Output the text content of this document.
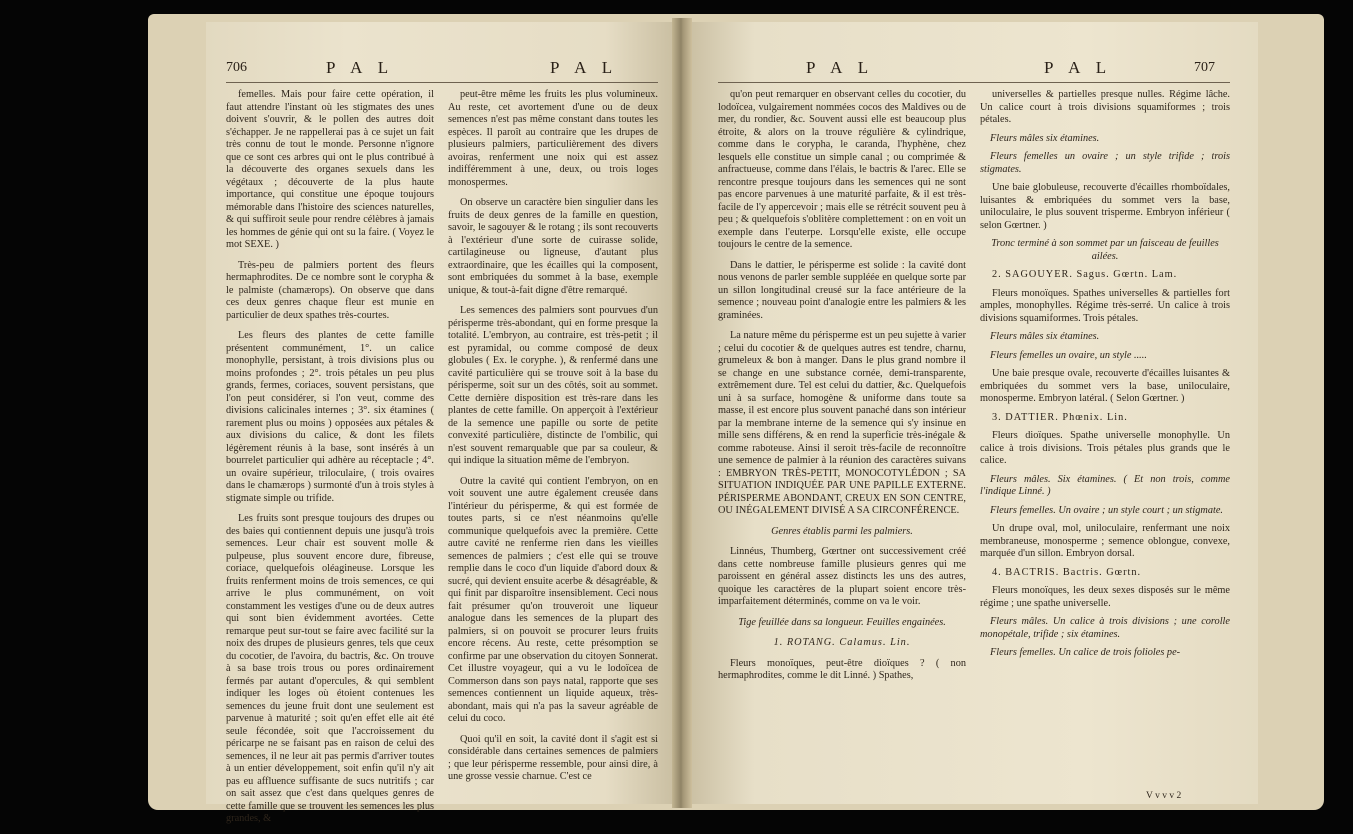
706	P A L	P A L	P A L	P A L	707

femelles. Mais pour faire cette opération, il faut attendre l'instant où les stigmates des unes doivent s'ouvrir, & le pollen des autres doit s'échapper. Je ne rappellerai pas à ce sujet un fait très connu de tout le monde. Personne n'ignore que ce sont ces arbres qui ont le plus contribué à la découverte des organes sexuels dans les végétaux ; découverte de la plus haute importance, qui constitue une époque toujours mémorable dans l'histoire des sciences naturelles, & qui suffiroit seule pour rendre célèbres à jamais les hommes de génie qui ont su la faire. ( Voyez le mot SEXE. )

Très-peu de palmiers portent des fleurs hermaphrodites. De ce nombre sont le corypha & le palmiste (chamærops). On observe que dans ces deux genres chaque fleur est munie en particulier de deux spathes très-courtes.

Les fleurs des plantes de cette famille présentent communément, 1°. un calice monophylle, persistant, à trois divisions plus ou moins profondes ; 2°. trois pétales un peu plus grands, fermes, coriaces, souvent persistans, que l'on peut considérer, si l'on veut, comme des divisions calicinales internes ; 3°. six étamines ( rarement plus ou moins ) opposées aux pétales & aux divisions du calice, & dont les filets légèrement réunis à la base, sont insérés à un bourrelet particulier qui adhère au réceptacle ; 4°. un ovaire supérieur, triloculaire, ( trois ovaires dans le chamærops ) surmonté d'un à trois styles à stigmate simple ou trifide.

Les fruits sont presque toujours des drupes ou des baies qui contiennent depuis une jusqu'à trois semences. Leur chair est souvent molle & pulpeuse, plus souvent encore dure, fibreuse, coriace, quelquefois oléagineuse. Lorsque les fruits renferment moins de trois semences, ce qui arrive le plus communément, on voit constamment les vestiges d'une ou de deux autres qui sont bien évidemment avortées. Cette remarque peut sur-tout se faire avec facilité sur la noix des drupes de plusieurs genres, tels que ceux du cocotier, de l'avoira, du bactris, &c. On trouve à sa base trois trous ou pores ordinairement fermés par autant d'opercules, & qui semblent indiquer les loges où étoient contenues les semences du jeune fruit dont une seulement est parvenue à maturité ; soit qu'en effet elle ait été seule fécondée, soit que l'accroissement du péricarpe ne se faisant pas en raison de celui des semences, il ne leur ait pas permis d'arriver toutes à un entier développement, soit enfin qu'il n'y ait pas eu affluence suffisante de sucs nutritifs ; car on sait assez que c'est dans quelques genres de cette famille que se trouvent les semences les plus grandes, &

peut-être même les fruits les plus volumineux. Au reste, cet avortement d'une ou de deux semences n'est pas même constant dans toutes les espèces. Il paroît au contraire que les drupes de plusieurs palmiers, particulièrement des divers avoiras, renferment une noix qui est assez indifféremment à une, deux, ou trois loges monospermes.

On observe un caractère bien singulier dans les fruits de deux genres de la famille en question, savoir, le sagouyer & le rotang ; ils sont recouverts à l'extérieur d'une sorte de cuirasse solide, cartilagineuse ou ligneuse, d'autant plus extraordinaire, que les écailles qui la composent, sont embriquées du sommet à la base, exemple unique, & tout-à-fait digne d'être remarqué.

Les semences des palmiers sont pourvues d'un périsperme très-abondant, qui en forme presque la totalité. L'embryon, au contraire, est très-petit ; il est pyramidal, ou comme composé de deux globules ( Ex. le coryphe. ), & renfermé dans une cavité particulière qui se trouve soit à la base du périsperme, soit sur un des côtés, soit au sommet. Cette dernière disposition est très-rare dans les plantes de cette famille. On apperçoit à l'extérieur de la semence une papille ou sorte de petite convexité particulière, distincte de l'ombilic, qui n'est souvent remarquable que par sa couleur, & qui indique la situation même de l'embryon.

Outre la cavité qui contient l'embryon, on en voit souvent une autre également creusée dans l'intérieur du périsperme, & qui est formée de toutes parts, si ce n'est néanmoins qu'elle communique quelquefois avec la première. Cette autre cavité ne renferme rien dans les vieilles semences de palmiers ; c'est elle qui se trouve remplie dans le coco d'un liquide d'abord doux & sucré, qui devient ensuite acerbe & désagréable, & qui finit par disparoître insensiblement. Ceci nous fait présumer qu'on trouveroit une liqueur analogue dans les semences de la plupart des palmiers, si on pouvoit se procurer leurs fruits encore récens. Au reste, cette présomption se confirme par une observation du citoyen Sonnerat. Cet illustre voyageur, qui a vu le lodoïcea de Commerson dans son pays natal, rapporte que ses semences contiennent un liquide aqueux, très-abondant, mais qui n'a pas la saveur agréable de celui du coco.

Quoi qu'il en soit, la cavité dont il s'agit est si considérable dans certaines semences de palmiers ; que leur périsperme ressemble, pour ainsi dire, à une grosse vessie charnue. C'est ce

qu'on peut remarquer en observant celles du cocotier, du lodoïcea, vulgairement nommées cocos des Maldives ou de mer, du rondier, &c. Souvent aussi elle est beaucoup plus étroite, & alors on la trouve régulière & cylindrique, comme dans le corypha, le caranda, l'hyphène, chez lesquels elle constitue un simple canal ; ou comprimée & anfractueuse, comme dans l'élais, le bactris & l'arec. Elle se rencontre presque toujours dans les semences qui ne sont pas encore parvenues à une maturité parfaite, & il est très-facile de l'y appercevoir ; mais elle se rétrécit souvent peu à peu ; & quelquefois s'oblitère complettement : on en voit un exemple dans l'euterpe. Lorsqu'elle existe, elle occupe toujours le centre de la semence.

Dans le dattier, le périsperme est solide : la cavité dont nous venons de parler semble suppléée en quelque sorte par un sillon longitudinal creusé sur la face antérieure de la semence ; nouveau point d'analogie entre les palmiers & les graminées.

La nature même du périsperme est un peu sujette à varier ; celui du cocotier & de quelques autres est tendre, charnu, grumeleux & bon à manger. Dans le plus grand nombre il se change en une substance cornée, demi-transparente, extrêmement dure. Tel est celui du dattier, &c. Quelquefois uni à sa surface, homogène & uniforme dans toute sa masse, il est encore plus souvent panaché dans son intérieur par la membrane interne de la semence qui s'y insinue en mille sens différens, & en rend la superficie très-inégale & comme raboteuse. Ainsi il seroit très-facile de reconnoître une semence de palmier à la réunion des caractères suivans : EMBRYON TRÈS-PETIT, MONOCOTYLÉDON ; SA SITUATION INDIQUÉE PAR UNE PAPILLE EXTERNE. PÉRISPERME ABONDANT, CREUX EN SON CENTRE, OU INÉGALEMENT DIVISÉ A SA CIRCONFÉRENCE.

Genres établis parmi les palmiers.

Linnéus, Thumberg, Gœrtner ont successivement créé dans cette nombreuse famille plusieurs genres qui me paroissent en général assez distincts les uns des autres, quoique les caractères de la plupart soient encore très-imparfaitement déterminés, comme on va le voir.

Tige feuillée dans sa longueur. Feuilles engainées.

1. ROTANG. Calamus. Lin.

Fleurs monoïques, peut-être dioïques ? ( non hermaphrodites, comme le dit Linné. ) Spathes,

universelles & partielles presque nulles. Régime lâche. Un calice court à trois divisions squamiformes ; trois pétales.

Fleurs mâles six étamines.

Fleurs femelles un ovaire ; un style trifide ; trois stigmates.

Une baie globuleuse, recouverte d'écailles rhomboïdales, luisantes & embriquées du sommet vers la base, uniloculaire, le plus souvent trisperme. Embryon inférieur ( selon Gœrtner. )

Tronc terminé à son sommet par un faisceau de feuilles ailées.

2. SAGOUYER. Sagus. Gœrtn. Lam.

Fleurs monoïques. Spathes universelles & partielles fort amples, monophylles. Régime très-serré. Un calice à trois divisions squamiformes. Trois pétales.

Fleurs mâles six étamines.

Fleurs femelles un ovaire, un style .....

Une baie presque ovale, recouverte d'écailles luisantes & embriquées du sommet vers la base, uniloculaire, monosperme. Embryon latéral. ( Selon Gœrtner. )

3. DATTIER. Phœnix. Lin.

Fleurs dioïques. Spathe universelle monophylle. Un calice à trois divisions. Trois pétales plus grands que le calice.

Fleurs mâles. Six étamines. ( Et non trois, comme l'indique Linné. )

Fleurs femelles. Un ovaire ; un style court ; un stigmate.

Un drupe oval, mol, uniloculaire, renfermant une noix membraneuse, monosperme ; semence oblongue, convexe, marquée d'un sillon. Embryon dorsal.

4. BACTRIS. Bactris. Gœrtn.

Fleurs monoïques, les deux sexes disposés sur le même régime ; une spathe universelle.

Fleurs mâles. Un calice à trois divisions ; une corolle monopétale, trifide ; six étamines.

Fleurs femelles. Un calice de trois folioles pe-

V v v v 2
